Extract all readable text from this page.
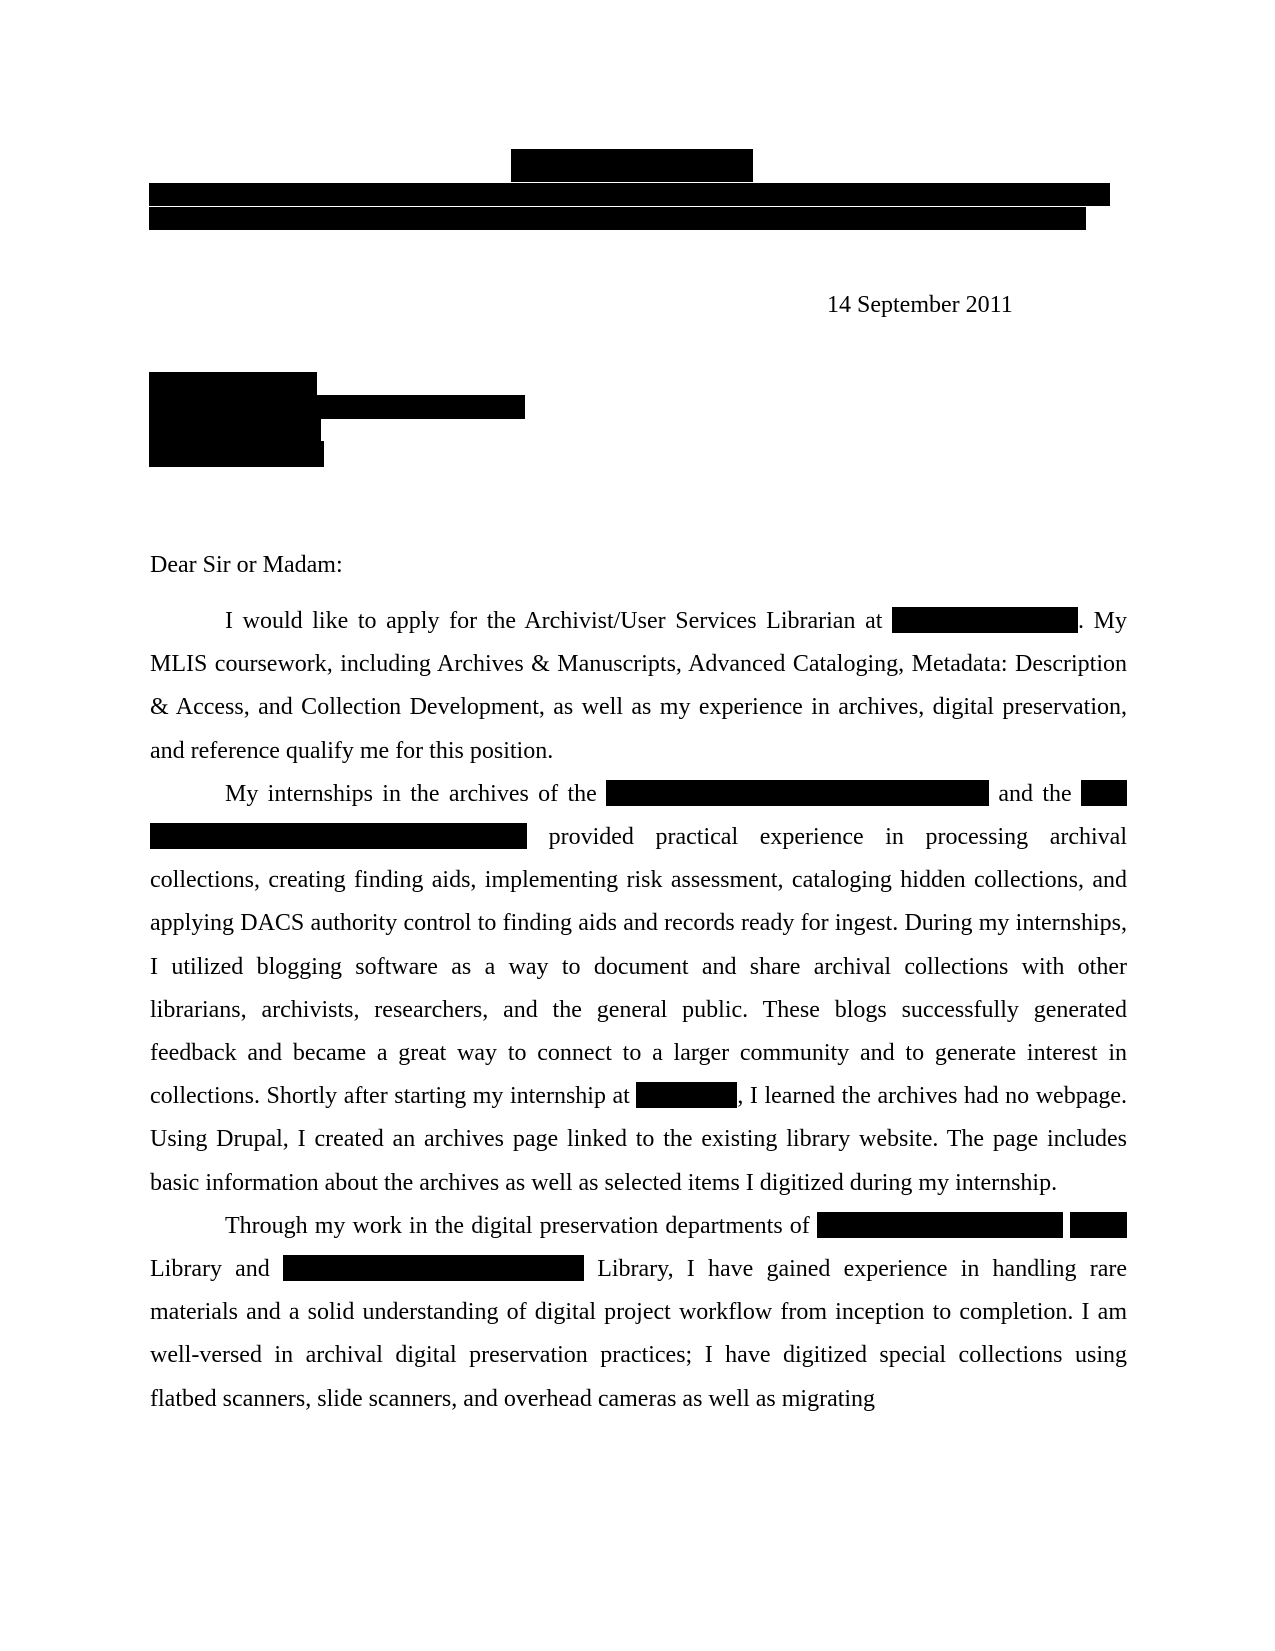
14 September 2011
Dear Sir or Madam:

I would like to apply for the Archivist/User Services Librarian at	. My MLIS coursework, including Archives & Manuscripts, Advanced Cataloging, Metadata: Description & Access, and Collection Development, as well as my experience in archives, digital preservation, and reference qualify me for this position.

My internships in the archives of the	and the   provided practical experience in processing archival collections, creating finding aids, implementing risk assessment, cataloging hidden collections, and applying DACS authority control to finding aids and records ready for ingest. During my internships, I utilized blogging software as a way to document and share archival collections with other librarians, archivists, researchers, and the general public. These blogs successfully generated feedback and became a great way to connect to a larger community and to generate interest in collections. Shortly after starting my internship at	, I learned the archives had no webpage. Using Drupal, I created an archives page linked to the existing library website. The page includes basic information about the archives as well as selected items I digitized during my internship.

Through my work in the digital preservation departments of   Library and	Library, I have gained experience in handling rare materials and a solid understanding of digital project workflow from inception to completion. I am well-versed in archival digital preservation practices; I have digitized special collections using flatbed scanners, slide scanners, and overhead cameras as well as migrating
